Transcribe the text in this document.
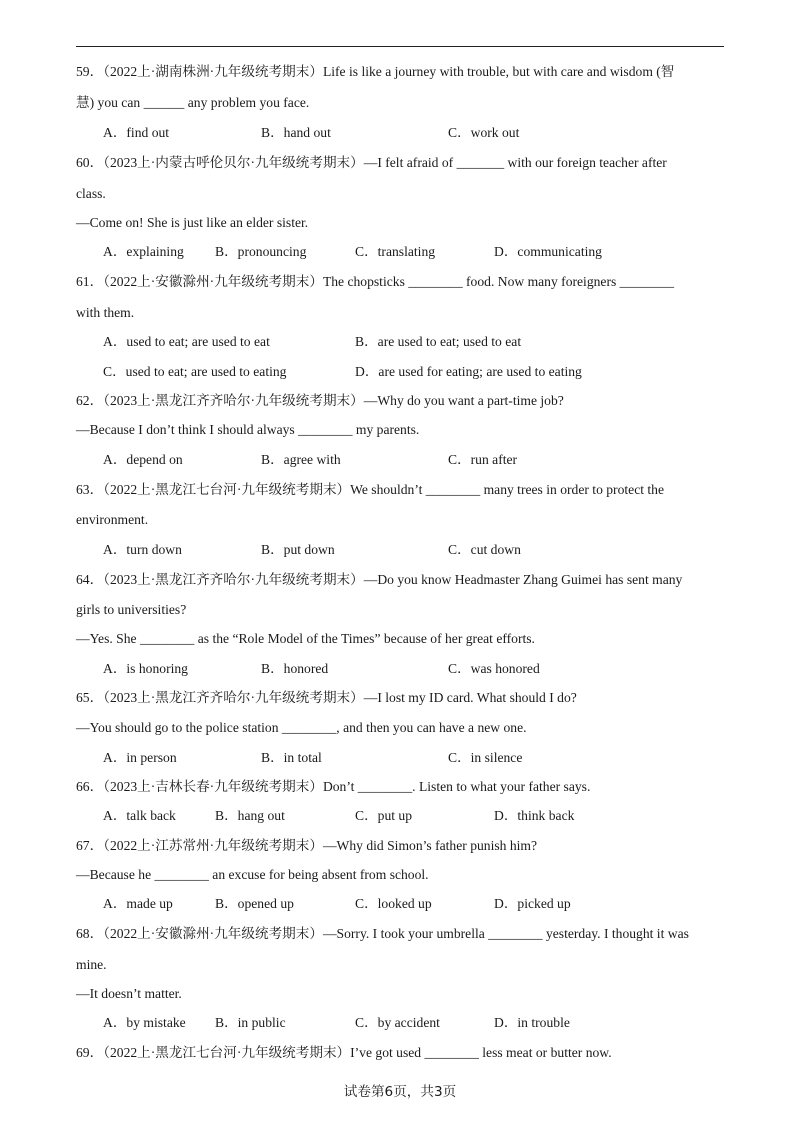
59．（2022上·湖南株洲·九年级统考期末）Life is like a journey with trouble, but with care and wisdom (智
慧) you can ______ any problem you face.
A．find out	B．hand out	C．work out
60．（2023上·内蒙古呼伦贝尔·九年级统考期末）—I felt afraid of _______ with our foreign teacher after
class.
—Come on! She is just like an elder sister.
A．explaining B．pronouncing	C．translating	D．communicating
61．（2022上·安徽滁州·九年级统考期末）The chopsticks ________ food. Now many foreigners ________
with them.
A．used to eat; are used to eat	B．are used to eat; used to eat
C．used to eat; are used to eating	D．are used for eating; are used to eating
62．（2023上·黑龙江齐齐哈尔·九年级统考期末）—Why do you want a part-time job?
—Because I don’t think I should always ________ my parents.
A．depend on	B．agree with	C．run after
63．（2022上·黑龙江七台河·九年级统考期末）We shouldn’t ________ many trees in order to protect the
environment.
A．turn down	B．put down	C．cut down
64．（2023上·黑龙江齐齐哈尔·九年级统考期末）—Do you know Headmaster Zhang Guimei has sent many
girls to universities?
—Yes. She ________ as the “Role Model of the Times” because of her great efforts.
A．is honoring	B．honored	C．was honored
65．（2023上·黑龙江齐齐哈尔·九年级统考期末）—I lost my ID card. What should I do?
—You should go to the police station ________, and then you can have a new one.
A．in person	B．in total	C．in silence
66．（2023上·吉林长春·九年级统考期末）Don’t ________. Listen to what your father says.
A．talk back	B．hang out	C．put up	D．think back
67．（2022上·江苏常州·九年级统考期末）—Why did Simon’s father punish him?
—Because he ________ an excuse for being absent from school.
A．made up	B．opened up	C．looked up	D．picked up
68．（2022上·安徽滁州·九年级统考期末）—Sorry. I took your umbrella ________ yesterday. I thought it was
mine.
—It doesn’t matter.
A．by mistake B．in public	C．by accident	D．in trouble
69．（2022上·黑龙江七台河·九年级统考期末）I’ve got used ________ less meat or butter now.
试卷第6页，共3页
